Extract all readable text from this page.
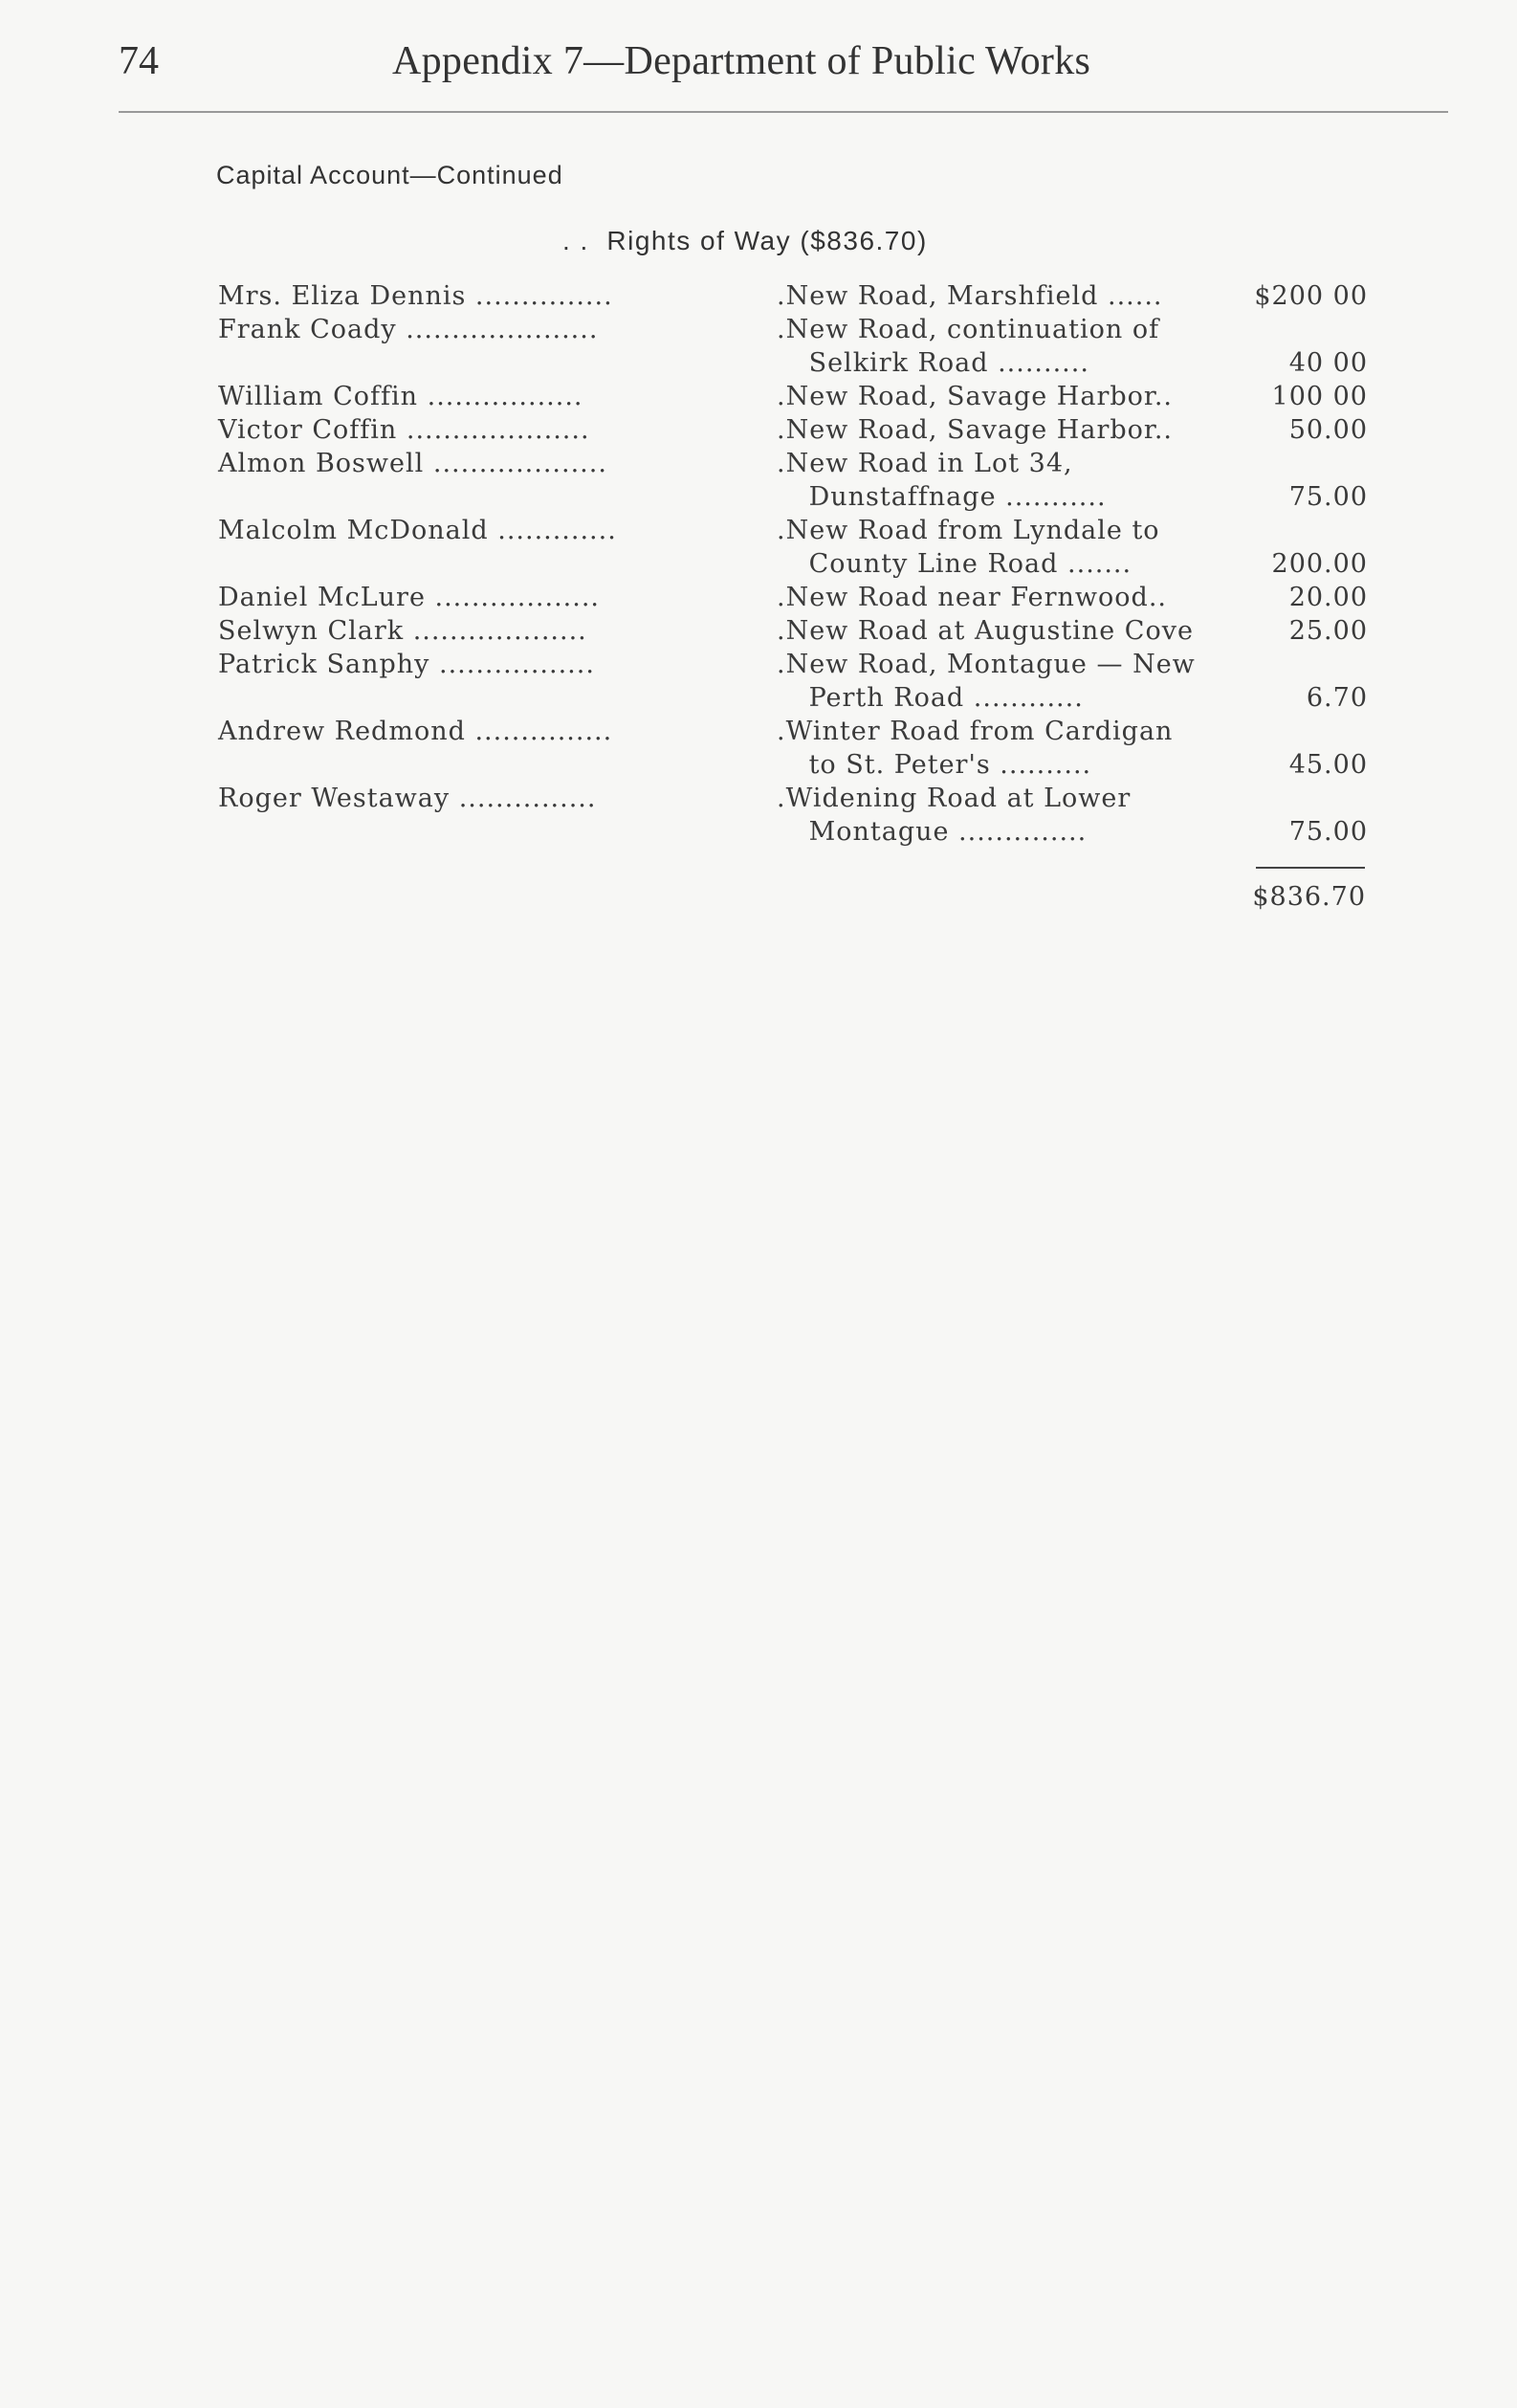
74	Appendix 7—Department of Public Works
Capital Account—Continued
. .  Rights of Way ($836.70)
Mrs. Eliza Dennis ...............	.New Road, Marshfield ......	$200 00
Frank Coady .....................	.New Road, continuation of
Selkirk Road ..........	40 00
William Coffin .................	.New Road, Savage Harbor..	100 00
Victor Coffin ....................	.New Road, Savage Harbor..	50.00
Almon Boswell ...................	.New Road in Lot 34,
Dunstaffnage ...........	75.00
Malcolm McDonald .............	.New Road from Lyndale to
County Line Road .......	200.00
Daniel McLure ..................	.New Road near Fernwood..	20.00
Selwyn Clark ...................	.New Road at Augustine Cove	25.00
Patrick Sanphy .................	.New Road, Montague — New
Perth Road ............	6.70
Andrew Redmond ...............	.Winter Road from Cardigan
to St. Peter's ..........	45.00
Roger Westaway ...............	.Widening Road at Lower
Montague ..............	75.00
$836.70
